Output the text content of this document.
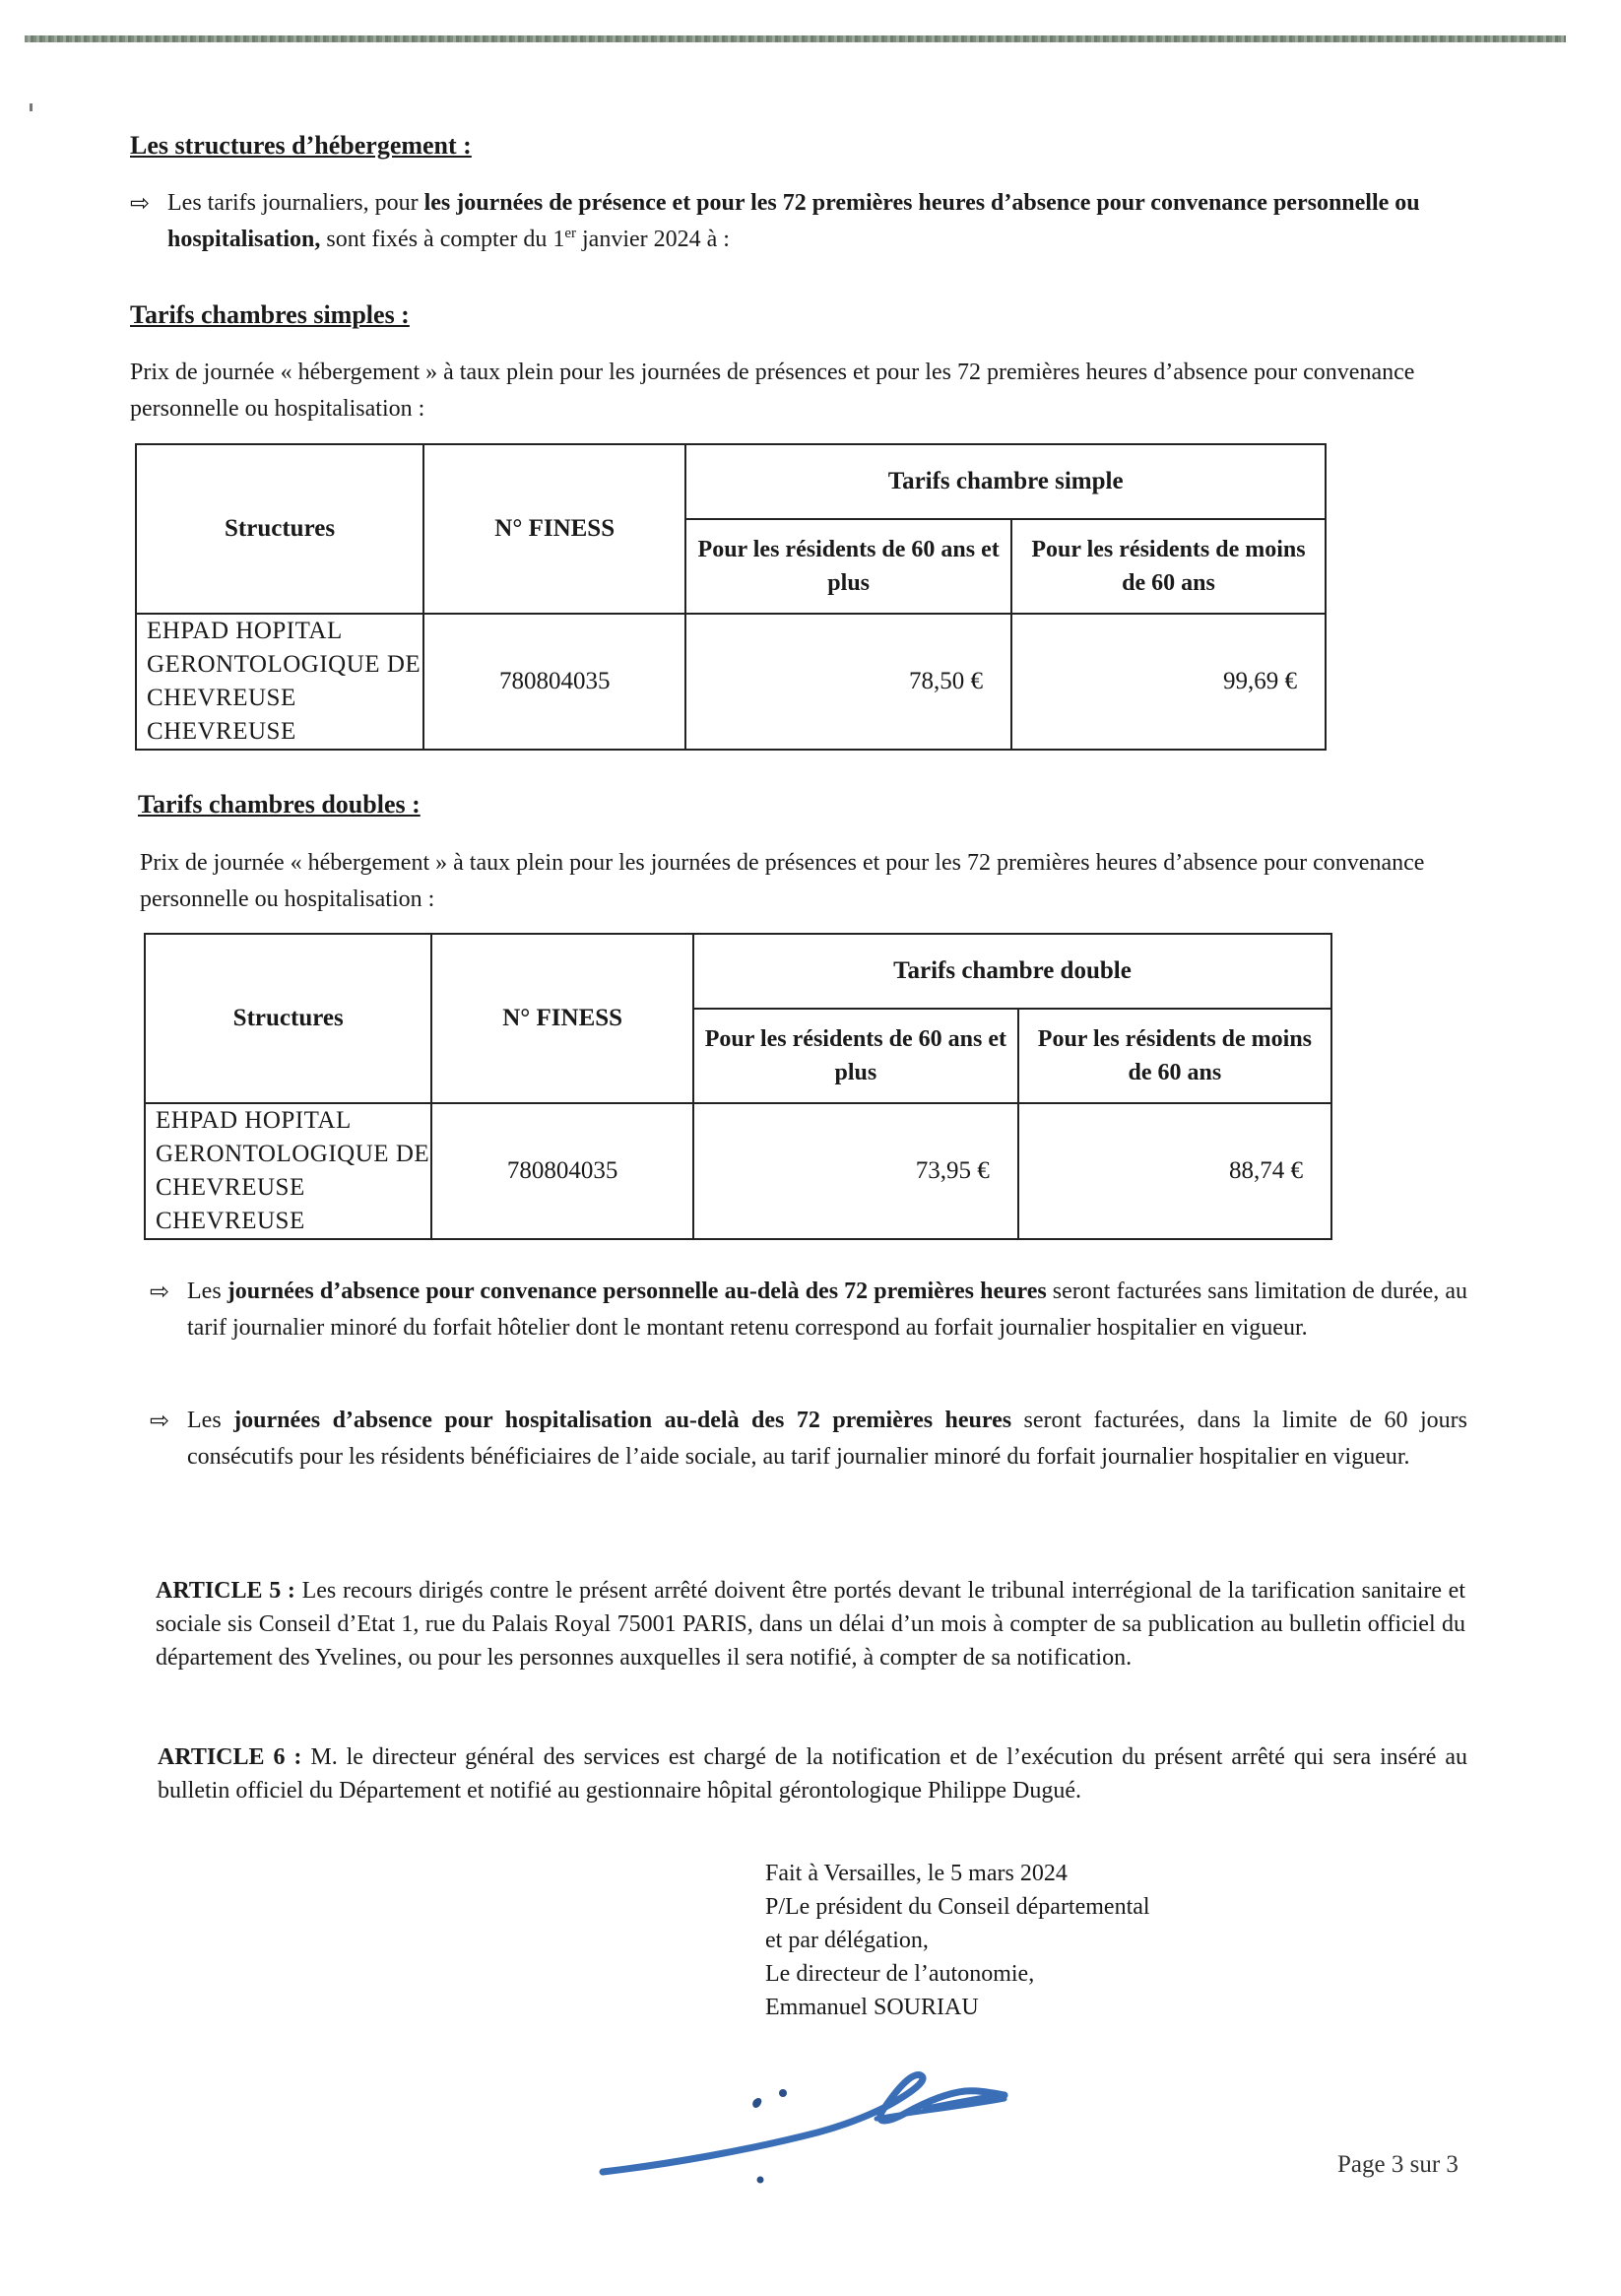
Les structures d’hébergement :

⇨ Les tarifs journaliers, pour les journées de présence et pour les 72 premières heures d’absence pour convenance personnelle ou hospitalisation, sont fixés à compter du 1er janvier 2024 à :

Tarifs chambres simples :

Prix de journée « hébergement » à taux plein pour les journées de présences et pour les 72 premières heures d’absence pour convenance personnelle ou hospitalisation :

Structures	N° FINESS	Tarifs chambre simple	
		Pour les résidents de 60 ans et plus	Pour les résidents de moins de 60 ans

EHPAD HOPITAL
GERONTOLOGIQUE DE
CHEVREUSE
CHEVREUSE	780804035	78,50 €	99,69 €

Tarifs chambres doubles :

Prix de journée « hébergement » à taux plein pour les journées de présences et pour les 72 premières heures d’absence pour convenance personnelle ou hospitalisation :

Structures	N° FINESS	Tarifs chambre double	
		Pour les résidents de 60 ans et plus	Pour les résidents de moins de 60 ans

EHPAD HOPITAL
GERONTOLOGIQUE DE
CHEVREUSE
CHEVREUSE	780804035	73,95 €	88,74 €
⇨ Les journées d’absence pour convenance personnelle au-delà des 72 premières heures seront facturées sans limitation de durée, au tarif journalier minoré du forfait hôtelier dont le montant retenu correspond au forfait journalier hospitalier en vigueur.
⇨ Les journées d’absence pour hospitalisation au-delà des 72 premières heures seront facturées, dans la limite de 60 jours consécutifs pour les résidents bénéficiaires de l’aide sociale, au tarif journalier minoré du forfait journalier hospitalier en vigueur.

ARTICLE 5 : Les recours dirigés contre le présent arrêté doivent être portés devant le tribunal interrégional de la tarification sanitaire et sociale sis Conseil d’Etat 1, rue du Palais Royal 75001 PARIS, dans un délai d’un mois à compter de sa publication au bulletin officiel du département des Yvelines, ou pour les personnes auxquelles il sera notifié, à compter de sa notification.

ARTICLE 6 : M. le directeur général des services est chargé de la notification et de l’exécution du présent arrêté qui sera inséré au bulletin officiel du Département et notifié au gestionnaire hôpital gérontologique Philippe Dugué.

Fait à Versailles, le 5 mars 2024
P/Le président du Conseil départemental
et par délégation,
Le directeur de l’autonomie,
Emmanuel SOURIAU
Page 3 sur 3
